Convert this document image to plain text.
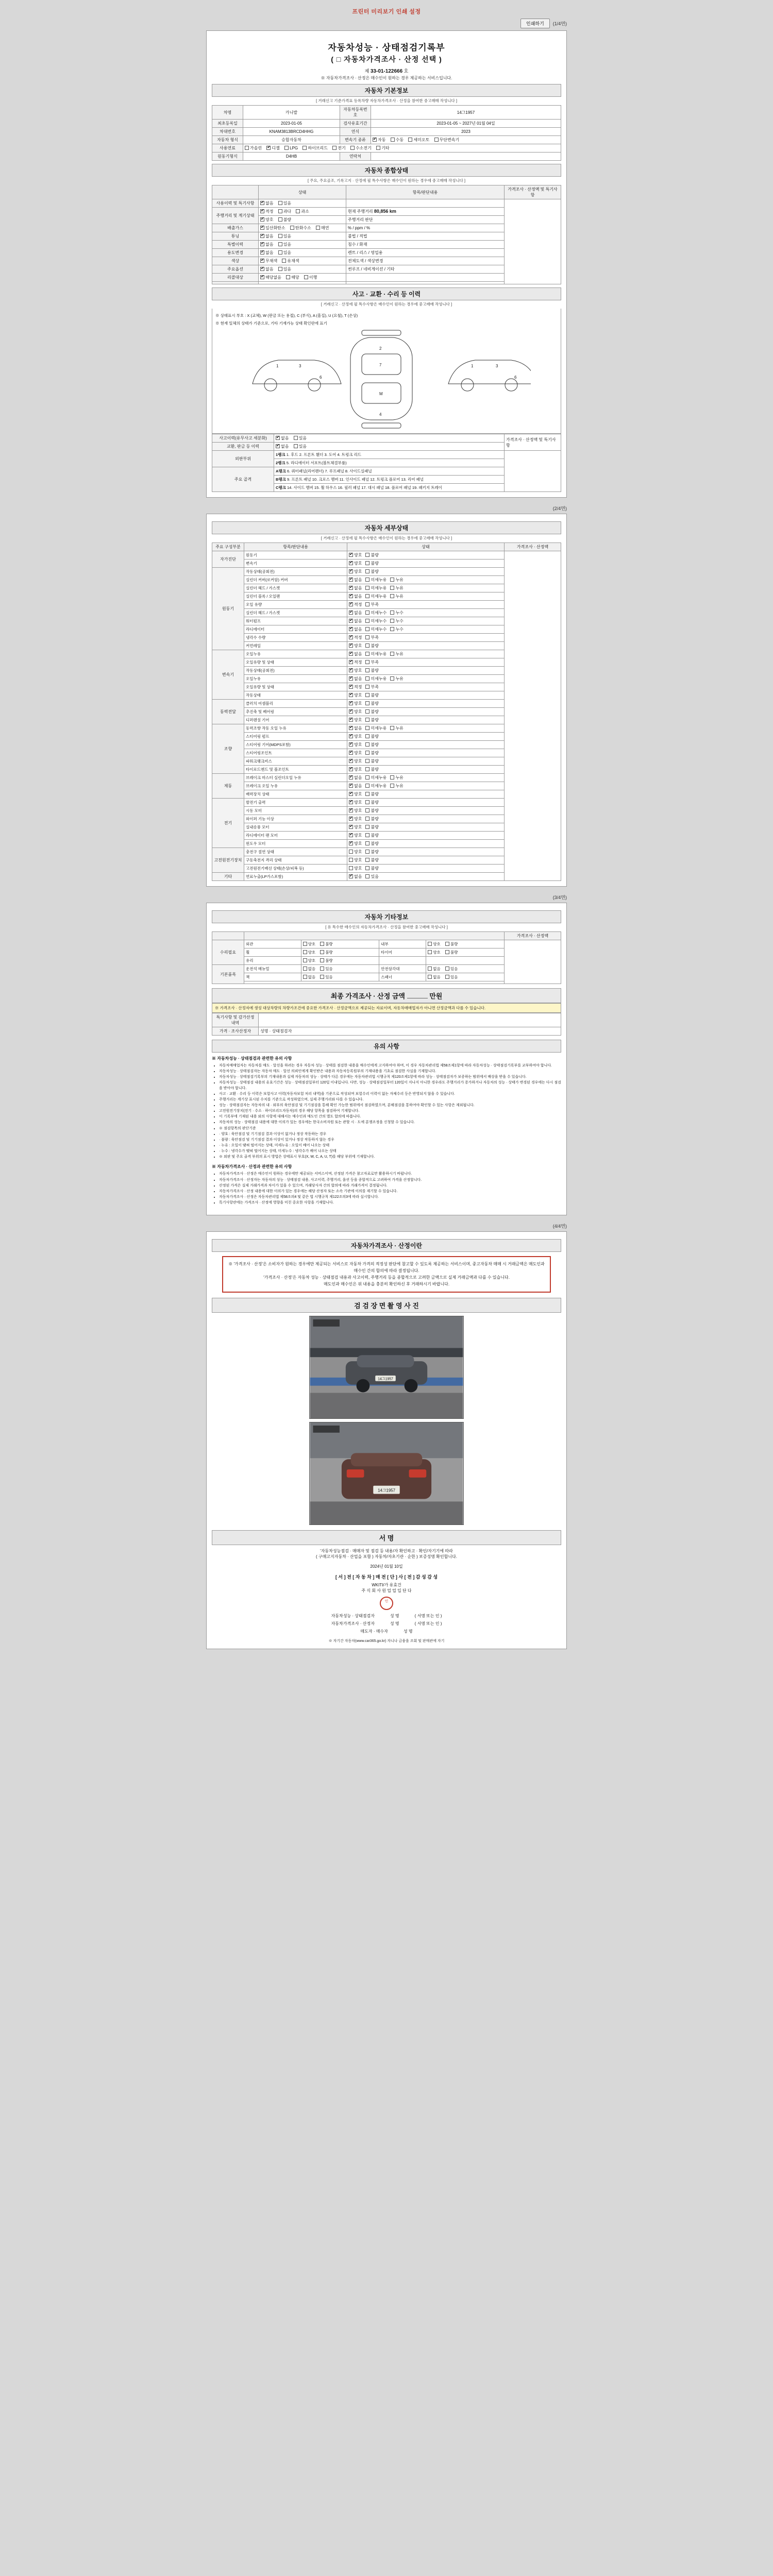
프린터 미리보기 인쇄 설정
인쇄하기	(1/4면)
자동차성능 · 상태점검기록부
( □ 자동차가격조사 · 산정 선택 )
제 33-01-122666 호
※ 자동차가격조사 · 산정은 매수인이 원하는 경우 제공하는 서비스입니다.
자동차 기본정보
[ 거래신고 기준가격표 등록차량 자동차가격조사 · 산정을 참여한 중고매매 작성니다 ]
차명	카니발	자동차등록번호	14그1957
최초등록일	2023-01-05	검사유효기간	2023-01-05 ~ 2027년 01월 04일
차대번호	KNAM3813BRCD4HHG	연식	2023
자동차 형식	승합자동차	변속기 종류	✔자동 수동 세미오토 무단변속기
사용연료	가솔린 ✔ 디젤 LPG 하이브리드 전기 수소전기 기타
원동기형식	D4HB	연락처	
자동차 종합상태
[ 주요, 주요골조, 기록고지 · 산정에 필 특수사항은 매수인이 원하는 경우에 중고매매 작성니다 ]
	상태	항목/판단내용	가격조사 · 산정액 및 특기사항
사용이력 및 특기사항	✔없음 있음		
주행거리 및 계기상태	✔적정 과다 과소	현재 주행거리 80,856 km	
✔양호 불량	주행거리 판단	
배출가스	✔일산화탄소 탄화수소 매연	% / ppm / %	
튜닝	✔없음 있음	불법 / 적법	
특별이력	✔없음 있음	침수 / 화재	
용도변경	✔없음 있음	렌트 / 리스 / 영업용	
색상	✔무채색 유채색	전체도색 / 색상변경	
주요옵션	✔없음 있음	썬루프 / 네비게이션 / 기타	
리콜대상	✔해당없음 해당 이행	

사고 · 교환 · 수리 등 이력
[ 거래신고 · 산정에 필 특수사항은 매수인이 원하는 경우에 중고매매 작성니다 ]
※ 상태표시 부호 : X (교체), W (판금 또는 용접), C (부식), A (흠집), U (요철), T (손상)
※ 현재 일체의 상태가 기준으로, 기타 기재가능 상태 확인란에 표기
1	3
6
2
7
M
4
1	3
6
사고이력(유무사고 세분화)	✔없음 있음	가격조사 · 산정액 및 특기사항
교환, 판금 등 이력	✔없음 있음
외판부위	1랭크 1. 후드 2. 프론트 휀더 3. 도어 4. 트렁크 리드	
	2랭크 5. 라디에이터 서포트(볼트체결부품)	
주요 골격	A랭크 6. 쿼터패널(리어펜더) 7. 루프패널 8. 사이드실패널	
	B랭크 9. 프론트 패널 10. 크로스 멤버 11. 인사이드 패널 12. 트렁크 플로어 13. 리어 패널	
	C랭크 14. 사이드 멤버 15. 휠 하우스 16. 필러 패널 17. 대시 패널 18. 플로어 패널 19. 패키지 트레이	
(2/4면)
자동차 세부상태
[ 거래신고 · 산정에 필 특수사항은 매수인이 원하는 경우에 중고매매 작성니다 ]
주요 구성부분	항목/판단내용	상태	가격조사 · 산정액
자가진단	원동기	✔양호 불량	
	변속기	✔양호 불량
원동기	작동상태(공회전)	✔양호 불량
	실린더 커버(로커암) 커버	✔없음 미세누유 누유
	실린더 헤드 / 가스켓	✔없음 미세누유 누유
	실린더 블록 / 오일팬	✔없음 미세누유 누유
	오일 유량	✔적정 부족
	실린더 헤드 / 가스켓	✔없음 미세누수 누수
	워터펌프	✔없음 미세누수 누수
	라디에이터	✔없음 미세누수 누수
	냉각수 수량	✔적정 부족
	커먼레일	✔양호 불량
변속기	오일누유	✔없음 미세누유 누유
	오일유량 및 상태	✔적정 부족
	작동상태(공회전)	✔양호 불량
	오일누유	✔없음 미세누유 누유
	오일유량 및 상태	✔적정 부족
	작동상태	✔양호 불량
동력전달	클러치 어셈블리	✔양호 불량
	추진축 및 베어링	✔양호 불량
	디퍼렌셜 기어	✔양호 불량
조향	동력조향 작동 오일 누유	✔없음 미세누유 누유
	스티어링 펌프	✔양호 불량
	스티어링 기어(MDPS포함)	✔양호 불량
	스티어링조인트	✔양호 불량
	파워크랭크비스	✔양호 불량
	타이로드엔드 및 볼조인트	✔양호 불량
제동	브레이크 마스터 실린더오일 누유	✔없음 미세누유 누유
	브레이크 오일 누유	✔없음 미세누유 누유
	배력장치 상태	✔양호 불량
전기	발전기 출력	✔양호 불량
	시동 모터	✔양호 불량
	와이퍼 기능 이상	✔양호 불량
	실내송풍 모터	✔양호 불량
	라디에이터 팬 모터	✔양호 불량
	윈도우 모터	✔양호 불량
고전원전기장치	충전구 절연 상태	양호 불량	
	구동축전지 격리 상태	양호 불량	
	고전원전기배선 상태(손상/피복 등)	양호 불량	
기타	연료누출(LP가스포함)	✔없음 있음
(3/4면)
자동차 기타정보
[ 유 특수한 매수인의 자동차가격조사 · 산정을 참여한 중고매매 작성니다 ]
					가격조사 · 산정액
수리필요	외관	양호 불량	내부	양호 불량	
	휠	양호 불량	타이어	양호 불량	
	유리	양호 불량			
기본품목	운전석 메뉴얼	없음 있음	안전삼각대	없음 있음	
	잭	없음 있음	스패너	없음 있음	

최종 가격조사 · 산정 금액	만원
※ 가격조사 · 산정자에 생성 대상차량의 차량가조건에 중요한 가격조사 · 산정금액으로 제공되는 자료이며, 자동차매매업자가 아니면 산정금액과 다를 수 있습니다.
특기사항 및 감가산정 내역	
가격 · 조사산정자	성명 · 상태점검자
유의 사항
※ 자동차성능 · 상태점검과 관련한 유의 사항
• 자동차매매업자는 자동차를 매도 · 알선을 하려는 경우 자동차 성능 · 상태를 점검한 내용을 매수인에게 고지하여야 하며, 이 경우 자동차관리법 제58조제1항에 따라 자동차성능 · 상태점검기록부를 교부하여야 합니다.
• 자동차성능 · 상태점검자는 자동차 매도 · 알선 의뢰인에게 확인받은 내용과 자동차등록원부의 기재내용을 기초로 점검한 사실을 기재합니다.
• 자동차성능 · 상태점검기록부의 기재내용과 실제 자동차의 성능 · 상태가 다른 경우에는 자동차관리법 시행규칙 제120조제1항에 따라 성능 · 상태점검자가 보증하는 범위에서 배상을 받을 수 있습니다.
• 자동차성능 · 상태점검 내용의 유효기간은 성능 · 상태점검일부터 120일 이내입니다. 다만, 성능 · 상태점검일부터 120일이 지나지 아니한 경우라도 주행거리가 증가하거나 자동차의 성능 · 상태가 변경된 경우에는 다시 점검을 받아야 합니다.
• 사고 · 교환 · 수리 등 이력은 보험사고 이력(자동차보험 처리 내역)을 기준으로 작성되며 보험수리 이력이 없는 자체수리 등은 반영되지 않을 수 있습니다.
• 주행거리는 계기상 표시된 수치를 기준으로 작성하였으며, 실제 주행거리와 다를 수 있습니다.
• 성능 · 상태점검자는 자동차의 내 · 외부의 육안점검 및 기기점검을 통해 확인 가능한 범위에서 점검하였으며, 분해점검을 통하여야 확인할 수 있는 사항은 제외됩니다.
• 고전원전기장치(전기 · 수소 · 하이브리드자동차)의 경우 해당 항목을 점검하여 기재합니다.
• 이 기록부에 기재된 내용 외의 사항에 대해서는 매수인과 매도인 간의 별도 합의에 따릅니다.
• 자동차의 성능 · 상태점검 내용에 대한 이의가 있는 경우에는 한국소비자원 또는 관할 시 · 도에 분쟁조정을 신청할 수 있습니다.
• ※ 점검항목의 판단기준
• · 양호 : 육안점검 및 기기점검 결과 이상이 없거나 정상 작동하는 경우
• · 불량 : 육안점검 및 기기점검 결과 이상이 있거나 정상 작동하지 않는 경우
• · 누유 : 오일이 맺혀 떨어지는 상태, 미세누유 : 오일이 배어 나오는 상태
• · 누수 : 냉각수가 맺혀 떨어지는 상태, 미세누수 : 냉각수가 배어 나오는 상태
• ※ 외판 및 주요 골격 부위의 표시 방법은 상태표시 부호(X, W, C, A, U, T)를 해당 부위에 기재합니다.
※ 자동차가격조사 · 산정과 관련한 유의 사항
• 자동차가격조사 · 산정은 매수인이 원하는 경우에만 제공되는 서비스이며, 산정된 가격은 참고자료로만 활용하시기 바랍니다.
• 자동차가격조사 · 산정자는 자동차의 성능 · 상태점검 내용, 사고이력, 주행거리, 옵션 등을 종합적으로 고려하여 가격을 산정합니다.
• 산정된 가격은 실제 거래가격과 차이가 있을 수 있으며, 거래당사자 간의 합의에 따라 거래가격이 결정됩니다.
• 자동차가격조사 · 산정 내용에 대한 이의가 있는 경우에는 해당 산정자 또는 소속 기관에 이의를 제기할 수 있습니다.
• 자동차가격조사 · 산정은 자동차관리법 제58조의4 및 같은 법 시행규칙 제122조의3에 따라 실시합니다.
• 특기사항란에는 가격조사 · 산정에 영향을 미친 중요한 사항을 기재합니다.
(4/4면)
자동차가격조사 · 산정이란
※ '가격조사 · 산정'은 소비자가 원하는 경우에만 제공되는 서비스로 자동차 가격의 적정성 판단에 참고할 수 있도록 제공하는 서비스이며, 중고자동차 매매 시 거래금액은 매도인과 매수인 간의 합의에 따라 결정됩니다.
'가격조사 · 산정'은 자동차 성능 · 상태점검 내용과 사고이력, 주행거리 등을 종합적으로 고려한 금액으로 실제 거래금액과 다를 수 있습니다.
매도인과 매수인은 위 내용을 충분히 확인하신 후 거래하시기 바랍니다.
검 검 장 면 촬 영 사 진
14그1957
14그1957
서 명
'자동차성능점검 · 매매자 및 점검 등 내용/자 확인하고 · 확인/자기기에 따라
( 구매고지자동차 · 산업을 포함 ) 자동차/자초기관 · 순한 ) 보증성명 확인합니다.
2024년 01월 10일
[ 서 ] 전 [ 자 동 차 ] 매 전 [ 단 ] 사 [ 전 ] 감 성 감 성
WKITI/가 유효건
주 식 회 사 원 업 업 입 단 다
인
자동차성능 · 상태점검자	성 명	( 서명 또는 인 )
자동차가격조사 · 산정자	성 명	( 서명 또는 인 )
매도자 · 매수자	성 명
※ 자기간 자동차(www.car365.go.kr) 자니나 금융을 조회 및 판매관에 자기
